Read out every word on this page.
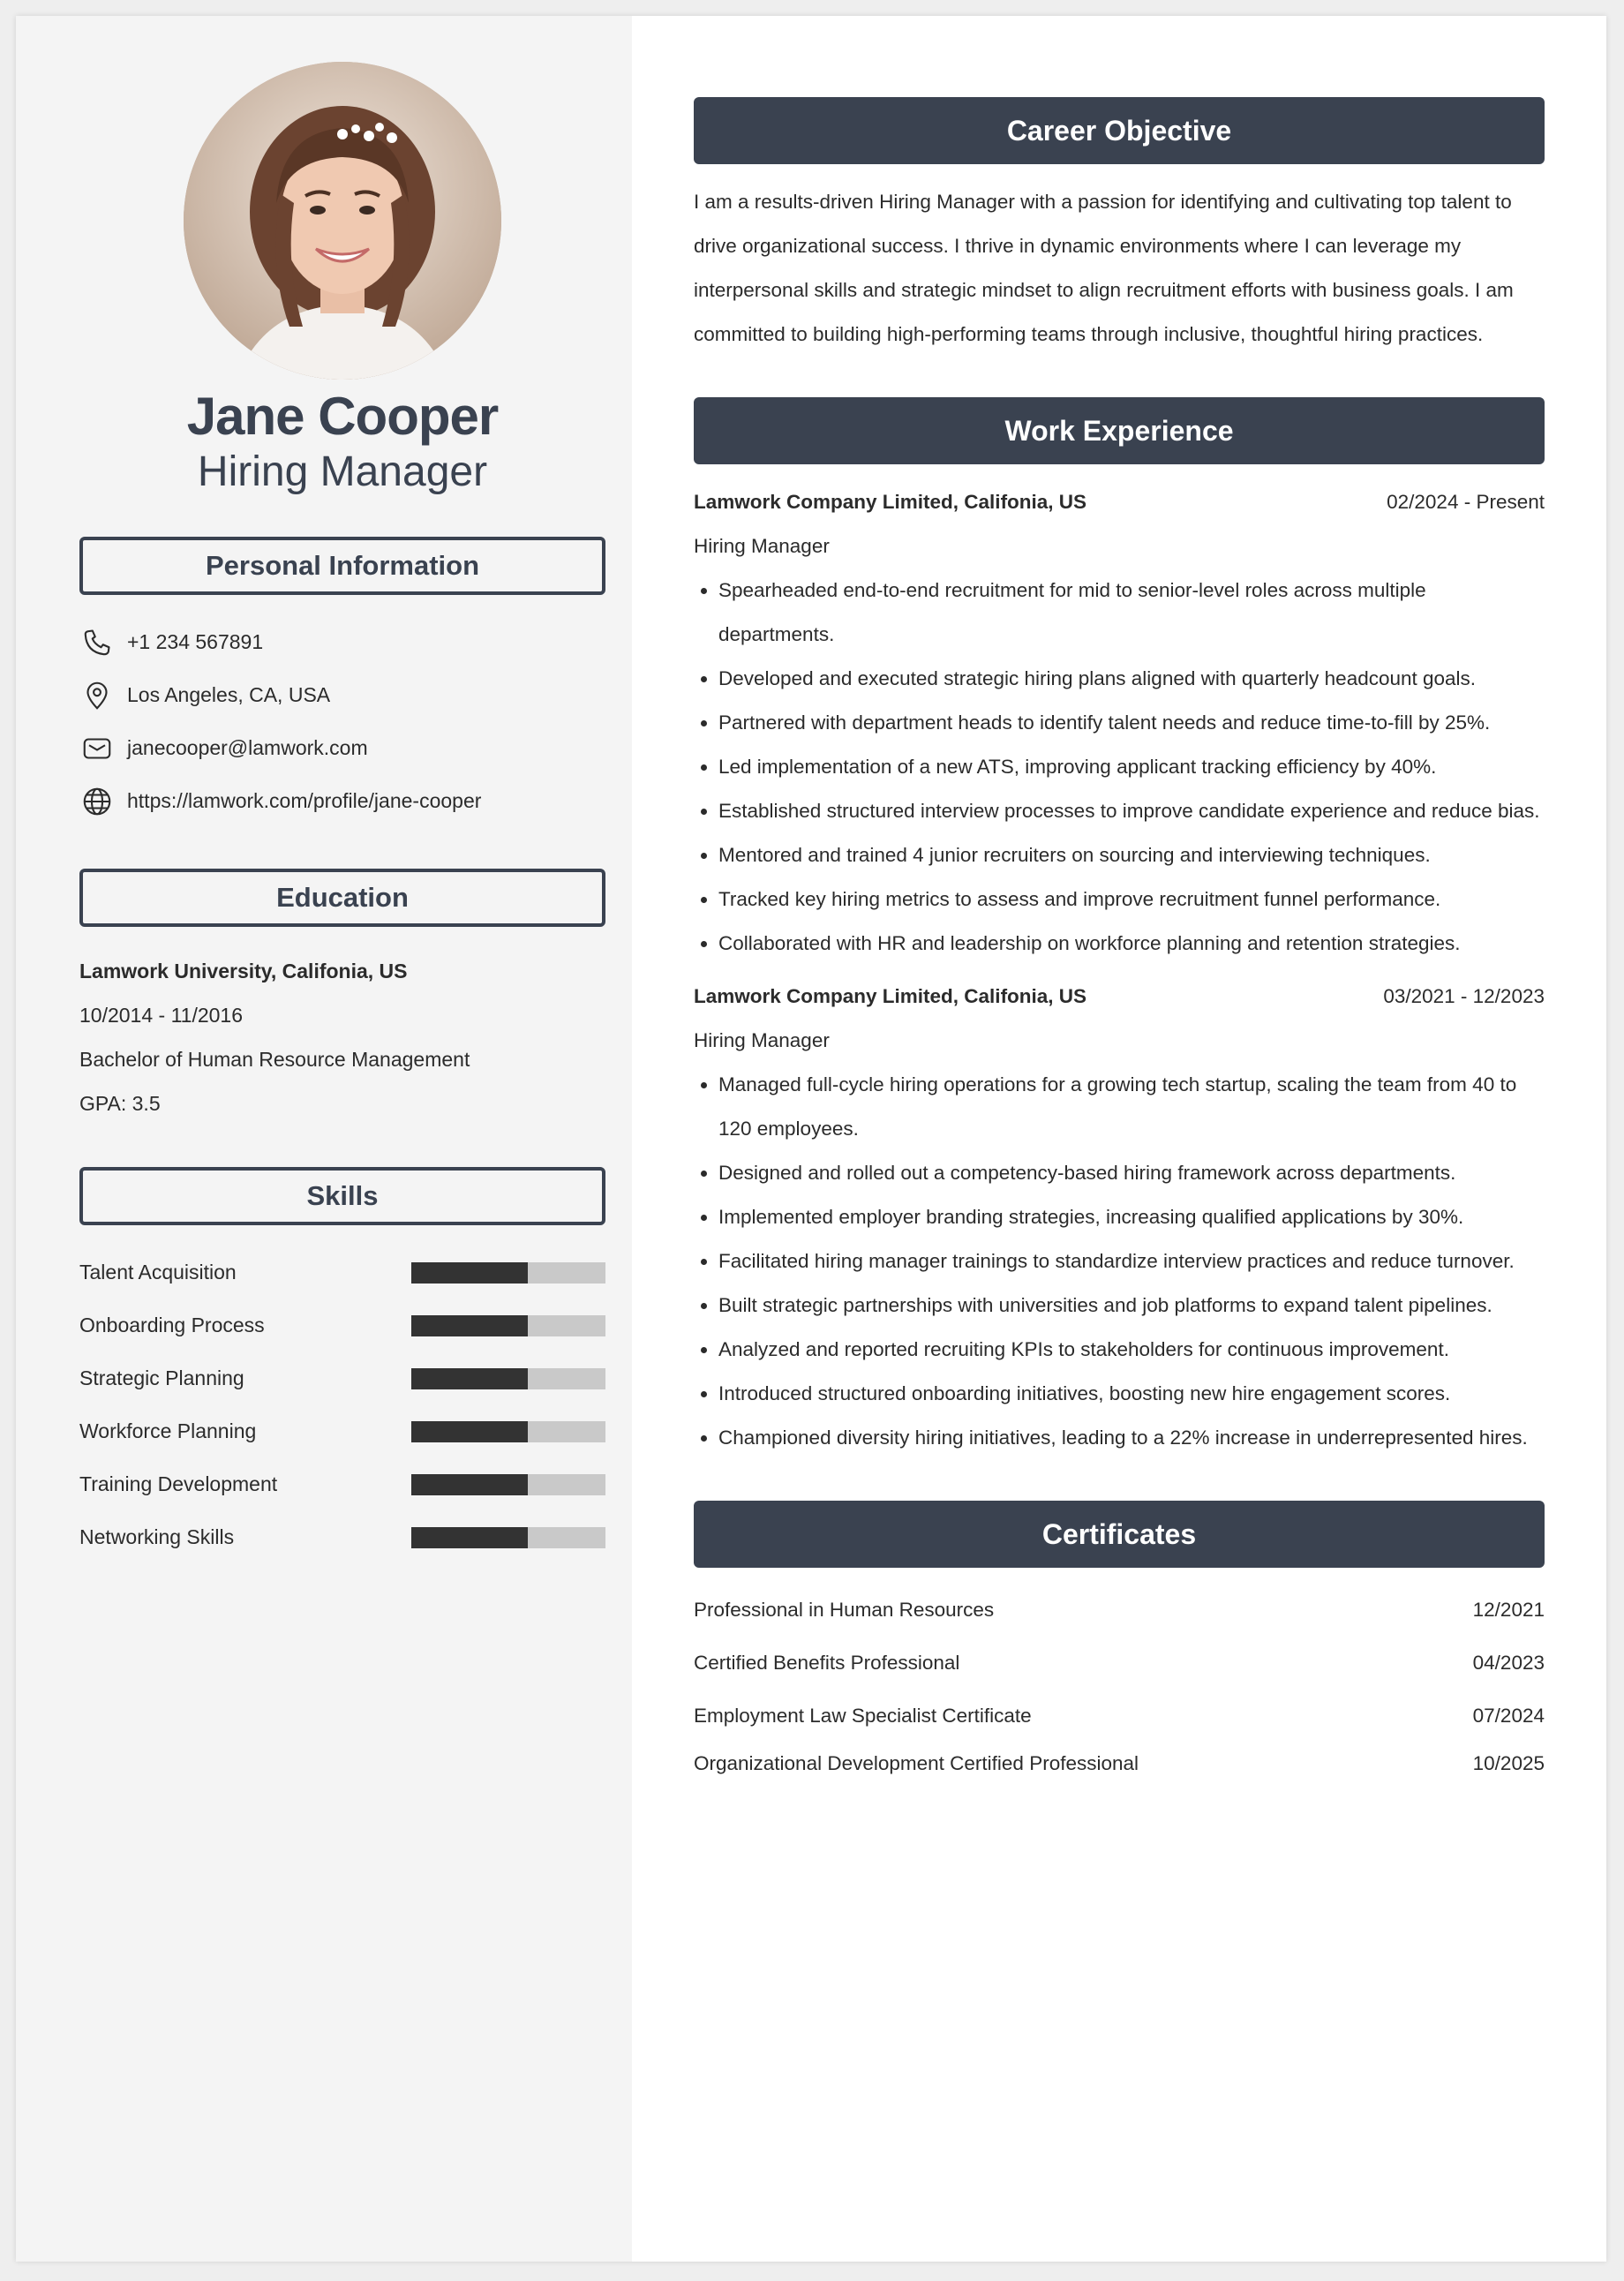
Jane Cooper
Hiring Manager
Personal Information
+1 234 567891
Los Angeles, CA, USA
janecooper@lamwork.com
https://lamwork.com/profile/jane-cooper
Education
Lamwork University, Califonia, US
10/2014 - 11/2016
Bachelor of Human Resource Management
GPA: 3.5
Skills
Talent Acquisition
Onboarding Process
Strategic Planning
Workforce Planning
Training Development
Networking Skills
Career Objective

I am a results-driven Hiring Manager with a passion for identifying and cultivating top talent to drive organizational success. I thrive in dynamic environments where I can leverage my interpersonal skills and strategic mindset to align recruitment efforts with business goals. I am committed to building high-performing teams through inclusive, thoughtful hiring practices.

Work Experience
Lamwork Company Limited, Califonia, US	02/2024 - Present
Hiring Manager
• Spearheaded end-to-end recruitment for mid to senior-level roles across multiple departments.
• Developed and executed strategic hiring plans aligned with quarterly headcount goals.
• Partnered with department heads to identify talent needs and reduce time-to-fill by 25%.
• Led implementation of a new ATS, improving applicant tracking efficiency by 40%.
• Established structured interview processes to improve candidate experience and reduce bias.
• Mentored and trained 4 junior recruiters on sourcing and interviewing techniques.
• Tracked key hiring metrics to assess and improve recruitment funnel performance.
• Collaborated with HR and leadership on workforce planning and retention strategies.
Lamwork Company Limited, Califonia, US	03/2021 - 12/2023
Hiring Manager
• Managed full-cycle hiring operations for a growing tech startup, scaling the team from 40 to 120 employees.
• Designed and rolled out a competency-based hiring framework across departments.
• Implemented employer branding strategies, increasing qualified applications by 30%.
• Facilitated hiring manager trainings to standardize interview practices and reduce turnover.
• Built strategic partnerships with universities and job platforms to expand talent pipelines.
• Analyzed and reported recruiting KPIs to stakeholders for continuous improvement.
• Introduced structured onboarding initiatives, boosting new hire engagement scores.
• Championed diversity hiring initiatives, leading to a 22% increase in underrepresented hires.
Certificates
Professional in Human Resources	12/2021
Certified Benefits Professional	04/2023
Employment Law Specialist Certificate	07/2024
Organizational Development Certified Professional	10/2025
